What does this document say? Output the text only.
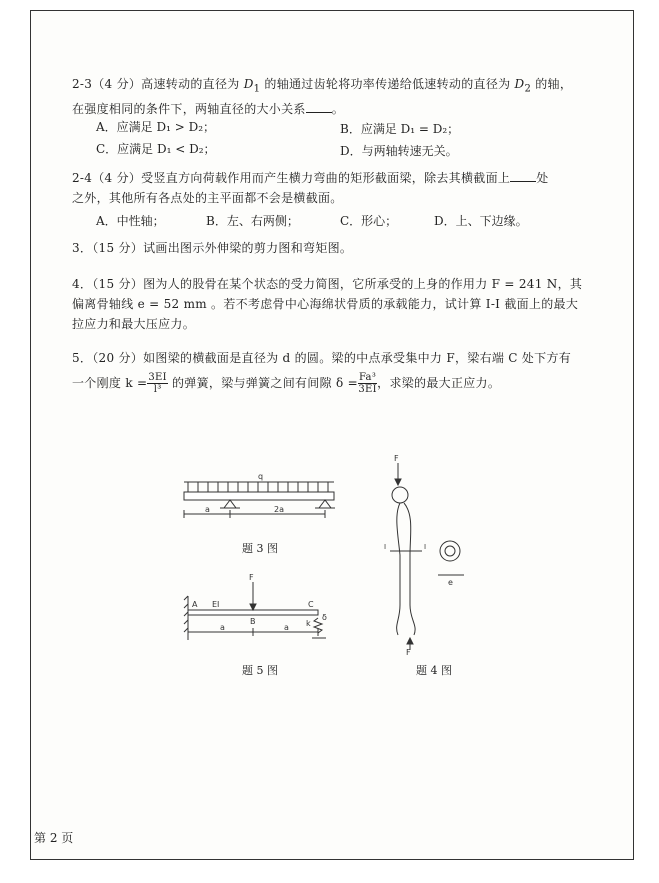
2-3（4 分）高速转动的直径为 $D_1$ 的轴通过齿轮将功率传递给低速转动的直径为 $D_2$ 的轴，
在强度相同的条件下，两轴直径的大小关系 。
A．应满足 D₁ > D₂；	B．应满足 D₁ = D₂；
C．应满足 D₁ < D₂；	D．与两轴转速无关。
2-4（4 分）受竖直方向荷载作用而产生横力弯曲的矩形截面梁，除去其横截面上 处
之外，其他所有各点处的主平面都不会是横截面。
A．中性轴；	B．左、右两侧；	C．形心；	D．上、下边缘。
3．（15 分）试画出图示外伸梁的剪力图和弯矩图。
4．（15 分）图为人的股骨在某个状态的受力简图，它所承受的上身的作用力 F = 241 N，其
偏离骨轴线 e = 52 mm 。若不考虑骨中心海绵状骨质的承载能力，试计算 I-I 截面上的最大
拉应力和最大压应力。
5．（20 分）如图梁的横截面是直径为 d 的圆。梁的中点承受集中力 F，梁右端 C 处下方有
一个刚度 $k = \frac{3EI}{\text{l³}}$ 的弹簧，梁与弹簧之间有间隙 $\delta = \frac{\text{Fa³}}{3EI}$ ，求梁的最大正应力。
q
a	2a
题 3 图
F
A EI
B
C
k
δ
a	a
题 5 图
F
I	I
e
F
题 4 图
第 2 页
